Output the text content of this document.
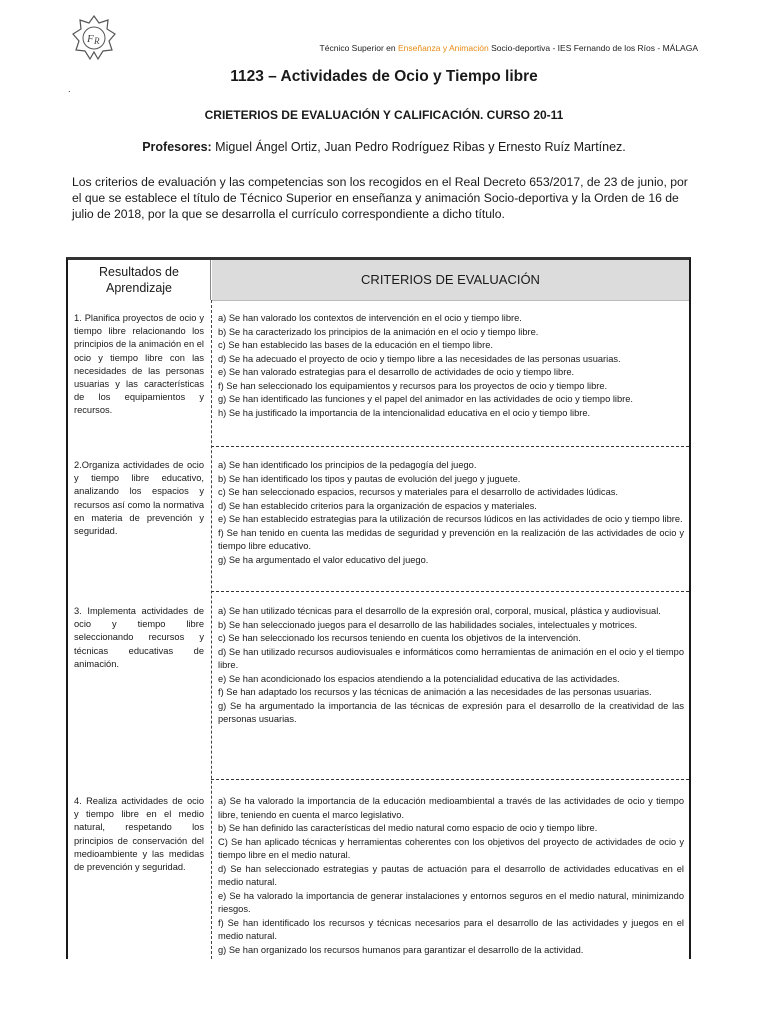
F R
Técnico Superior en Enseñanza y Animación Socio-deportiva - IES Fernando de los Ríos - MÁLAGA
1123 – Actividades de Ocio y Tiempo libre
.
CRIETERIOS DE EVALUACIÓN Y CALIFICACIÓN. CURSO 20-11
Profesores: Miguel Ángel Ortiz, Juan Pedro Rodríguez Ribas y Ernesto Ruíz Martínez.
Los criterios de evaluación y las competencias son los recogidos en el Real Decreto 653/2017, de 23 de junio, por el que se establece el título de Técnico Superior en enseñanza y animación Socio-deportiva y la Orden de 16 de julio de 2018, por la que se desarrolla el currículo correspondiente a dicho título.
Resultados de
Aprendizaje
CRITERIOS DE EVALUACIÓN
1. Planifica proyectos de ocio y tiempo libre relacionando los principios de la animación en el ocio y tiempo libre con las necesidades de las personas usuarias y las características de los equipamientos y recursos.
a) Se han valorado los contextos de intervención en el ocio y tiempo libre.
b) Se ha caracterizado los principios de la animación en el ocio y tiempo libre.
c) Se han establecido las bases de la educación en el tiempo libre.
d) Se ha adecuado el proyecto de ocio y tiempo libre a las necesidades de las personas usuarias.
e) Se han valorado estrategias para el desarrollo de actividades de ocio y tiempo libre.
f) Se han seleccionado los equipamientos y recursos para los proyectos de ocio y tiempo libre.
g) Se han identificado las funciones y el papel del animador en las actividades de ocio y tiempo libre.
h) Se ha justificado la importancia de la intencionalidad educativa en el ocio y tiempo libre.
2.Organiza actividades de ocio y tiempo libre educativo, analizando los espacios y recursos así como la normativa en materia de prevención y seguridad.
a) Se han identificado los principios de la pedagogía del juego.
b) Se han identificado los tipos y pautas de evolución del juego y juguete.
c) Se han seleccionado espacios, recursos y materiales para el desarrollo de actividades lúdicas.
d) Se han establecido criterios para la organización de espacios y materiales.
e) Se han establecido estrategias para la utilización de recursos lúdicos en las actividades de ocio y tiempo libre.
f) Se han tenido en cuenta las medidas de seguridad y prevención en la realización de las actividades de ocio y tiempo libre educativo.
g) Se ha argumentado el valor educativo del juego.
3. Implementa actividades de ocio y tiempo libre seleccionando recursos y técnicas educativas de animación.
a) Se han utilizado técnicas para el desarrollo de la expresión oral, corporal, musical, plástica y audiovisual.
b) Se han seleccionado juegos para el desarrollo de las habilidades sociales, intelectuales y motrices.
c) Se han seleccionado los recursos teniendo en cuenta los objetivos de la intervención.
d) Se han utilizado recursos audiovisuales e informáticos como herramientas de animación en el ocio y el tiempo libre.
e) Se han acondicionado los espacios atendiendo a la potencialidad educativa de las actividades.
f) Se han adaptado los recursos y las técnicas de animación a las necesidades de las personas usuarias.
g) Se ha argumentado la importancia de las técnicas de expresión para el desarrollo de la creatividad de las personas usuarias.
4. Realiza actividades de ocio y tiempo libre en el medio natural, respetando los principios de conservación del medioambiente y las medidas de prevención y seguridad.
a) Se ha valorado la importancia de la educación medioambiental a través de las actividades de ocio y tiempo libre, teniendo en cuenta el marco legislativo.
b) Se han definido las características del medio natural como espacio de ocio y tiempo libre.
C) Se han aplicado técnicas y herramientas coherentes con los objetivos del proyecto de actividades de ocio y tiempo libre en el medio natural.
d) Se han seleccionado estrategias y pautas de actuación para el desarrollo de actividades educativas en el medio natural.
e) Se ha valorado la importancia de generar instalaciones y entornos seguros en el medio natural, minimizando riesgos.
f) Se han identificado los recursos y técnicas necesarios para el desarrollo de las actividades y juegos en el medio natural.
g) Se han organizado los recursos humanos para garantizar el desarrollo de la actividad.
